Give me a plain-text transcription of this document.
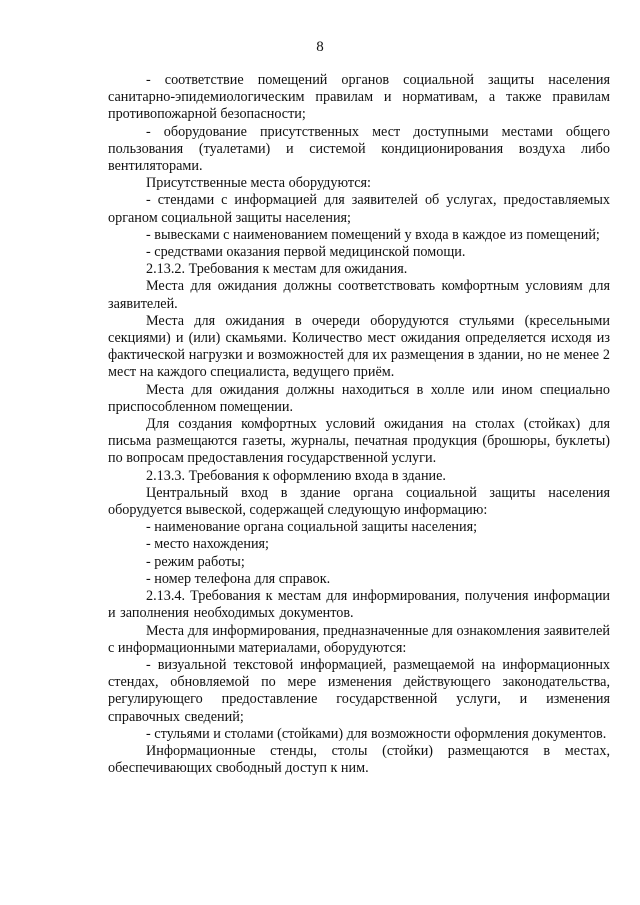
8

- соответствие помещений органов социальной защиты населения санитарно-эпидемиологическим правилам и нормативам, а также правилам противопожарной безопасности;

- оборудование присутственных мест доступными местами общего пользования (туалетами) и системой кондиционирования воздуха либо вентиляторами.

Присутственные места оборудуются:

- стендами с информацией для заявителей об услугах, предоставляемых органом социальной защиты населения;

- вывесками с наименованием помещений у входа в каждое из помещений;

- средствами оказания первой медицинской помощи.

2.13.2. Требования к местам для ожидания.

Места для ожидания должны соответствовать комфортным условиям для заявителей.

Места для ожидания в очереди оборудуются стульями (кресельными секциями) и (или) скамьями. Количество мест ожидания определяется исходя из фактической нагрузки и возможностей для их размещения в здании, но не менее 2 мест на каждого специалиста, ведущего приём.

Места для ожидания должны находиться в холле или ином специально приспособленном помещении.

Для создания комфортных условий ожидания на столах (стойках) для письма размещаются газеты, журналы, печатная продукция (брошюры, буклеты) по вопросам предоставления государственной услуги.

2.13.3. Требования к оформлению входа в здание.

Центральный вход в здание органа социальной защиты населения оборудуется вывеской, содержащей следующую информацию:

- наименование органа социальной защиты населения;

- место нахождения;

- режим работы;

- номер телефона для справок.

2.13.4. Требования к местам для информирования, получения информации и заполнения необходимых документов.

Места для информирования, предназначенные для ознакомления заявителей с информационными материалами, оборудуются:

- визуальной текстовой информацией, размещаемой на информационных стендах, обновляемой по мере изменения действующего законодательства, регулирующего предоставление государственной услуги, и изменения справочных сведений;

- стульями и столами (стойками) для возможности оформления документов.

Информационные стенды, столы (стойки) размещаются в местах, обеспечивающих свободный доступ к ним.
